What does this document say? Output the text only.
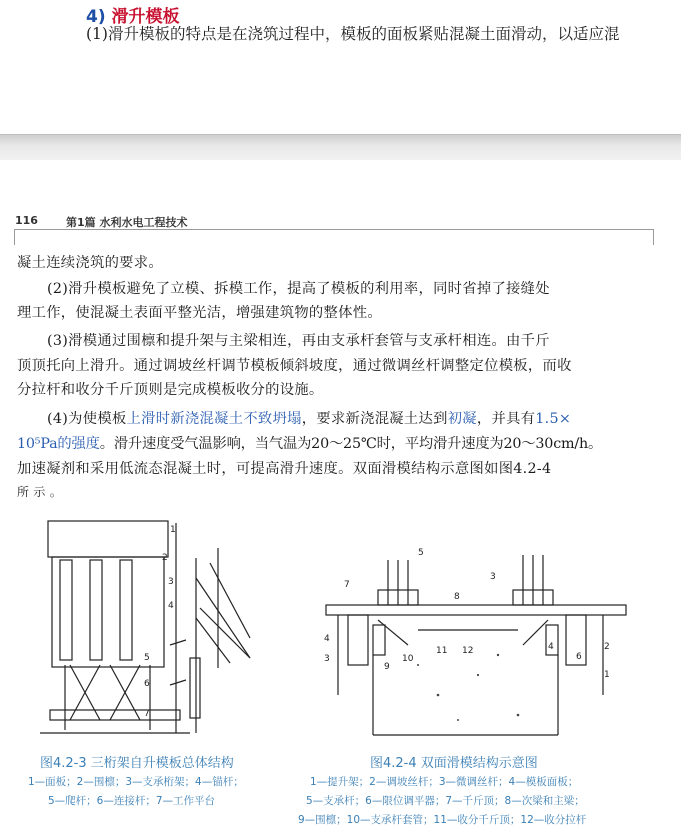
4) 滑升模板
(1)滑升模板的特点是在浇筑过程中，模板的面板紧贴混凝土面滑动，以适应混
116	第1篇 水利水电工程技术
凝土连续浇筑的要求。
(2)滑升模板避免了立模、拆模工作，提高了模板的利用率，同时省掉了接缝处
理工作，使混凝土表面平整光洁，增强建筑物的整体性。
(3)滑模通过围檩和提升架与主梁相连，再由支承杆套管与支承杆相连。由千斤
顶顶托向上滑升。通过调坡丝杆调节模板倾斜坡度，通过微调丝杆调整定位模板，而收
分拉杆和收分千斤顶则是完成模板收分的设施。
(4)为使模板上滑时新浇混凝土不致坍塌，要求新浇混凝土达到初凝，并具有1.5×
10⁵Pa的强度。滑升速度受气温影响，当气温为20～25℃时，平均滑升速度为20～30cm/h。
加速凝剂和采用低流态混凝土时，可提高滑升速度。双面滑模结构示意图如图4.2-4
所 示 。
1
2
3
4
5
6
7
图4.2-3 三桁架自升模板总体结构
1—面板；2—围檩；3—支承桁架；4—锚杆；
5—爬杆；6—连接杆；7—工作平台
5
3
7
8
4
3	10
11 12
1
2
9
6
4
图4.2-4 双面滑模结构示意图
1—提升架；2—调坡丝杆；3—微调丝杆；4—模板面板；
5—支承杆；6—限位调平器；7—千斤顶；8—次梁和主梁；
9—围檩；10—支承杆套管；11—收分千斤顶；12—收分拉杆
